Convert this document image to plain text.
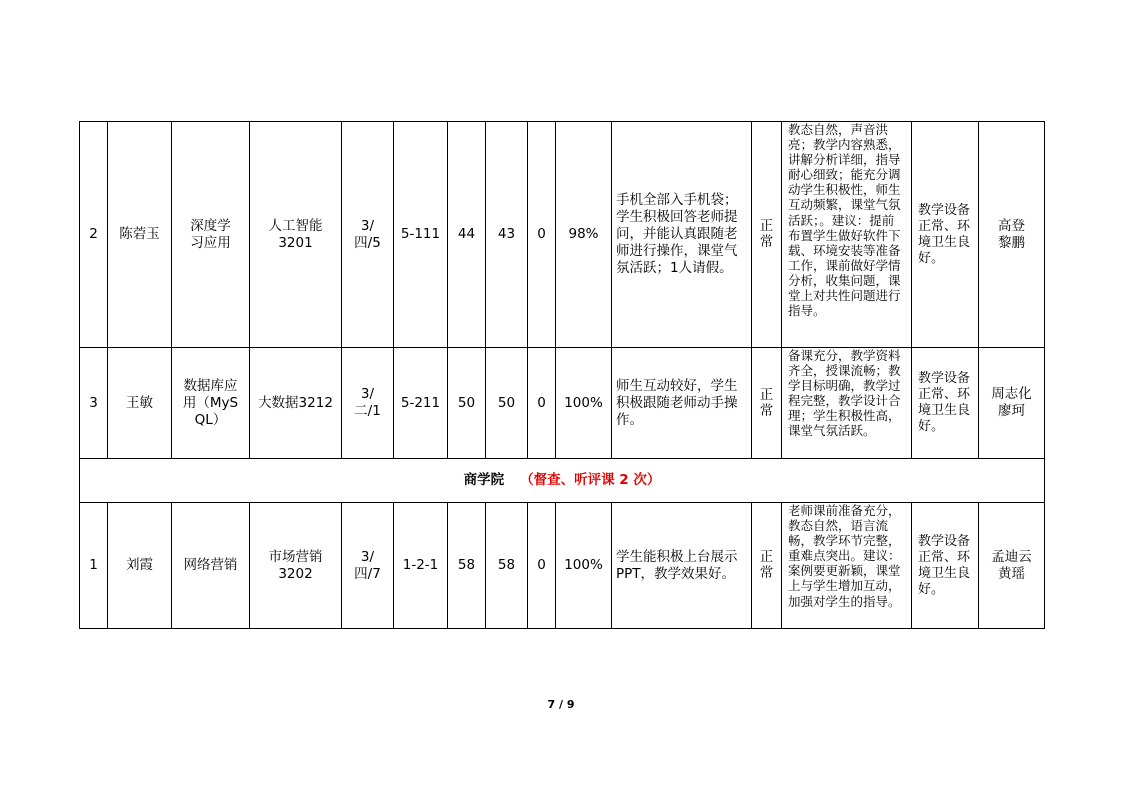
2	陈菪玉	深度学习应用	人工智能3201	3/四/5	5-111	44	43	0	98%	手机全部入手机袋；学生积极回答老师提问，并能认真跟随老师进行操作，课堂气氛活跃；1人请假。	正常	教态自然，声音洪亮；教学内容熟悉，讲解分析详细，指导耐心细致；能充分调动学生积极性，师生互动频繁，课堂气氛活跃；。建议：提前布置学生做好软件下载、环境安装等准备工作，课前做好学情分析，收集问题，课堂上对共性问题进行指导。	教学设备正常、环境卫生良好。	高登黎鹏
3	王敏	数据库应用（MySQL）	大数据3212	3/二/1	5-211	50	50	0	100%	师生互动较好，学生积极跟随老师动手操作。	正常	备课充分，教学资料齐全，授课流畅；教学目标明确，教学过程完整，教学设计合理；学生积极性高，课堂气氛活跃。	教学设备正常、环境卫生良好。	周志化廖珂
商学院 （督查、听评课 2 次）														
1	刘霞	网络营销	市场营销3202	3/四/7	1-2-1	58	58	0	100%	学生能积极上台展示PPT，教学效果好。	正常	老师课前准备充分，教态自然，语言流畅，教学环节完整，重难点突出。建议：案例要更新颖，课堂上与学生增加互动，加强对学生的指导。	教学设备正常、环境卫生良好。	孟迪云黄瑶
7 / 9
